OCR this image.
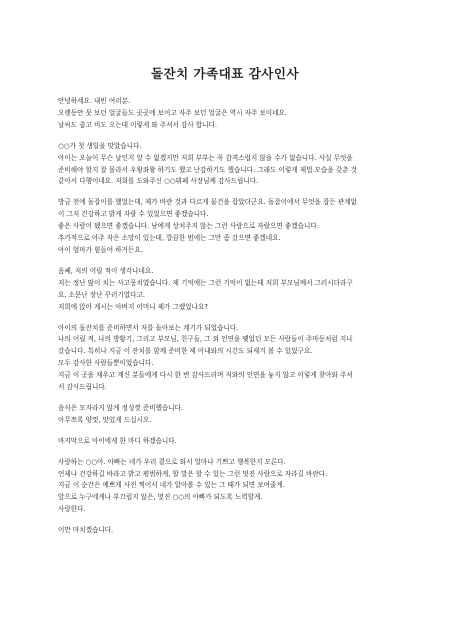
돌잔치 가족대표 감사인사
안녕하세요. 내빈 여러분.
오랫동안 못 보던 얼굴들도 곳곳에 보이고 자주 보던 얼굴은 역시 자주 보이네요.
날씨도 춥고 비도 오는데 이렇게 와 주셔서 감사 합니다.
○○가 첫 생일을 맞았습니다.
아이는 오늘이 무슨 날인지 알 수 없겠지만 저희 부부는 꼭 감격스럽지 않을 수가 없습니다. 사실 무엇을
준비해야 할지 잘 몰라서 우왕좌왕 하기도 했고 난감하기도 했습니다. 그래도 이렇게 제법 모습을 갖춘 것
같아서 다행이네요. 저희를 도와주신 ○○뷔페 사장님께 감사드립니다.
방금 전에 돌잡이를 했었는데, 제가 바란 것과 다르게 물건을 잡았더군요. 돌잡이에서 무엇을 잡든 관계없
이 그저 건강하고 밝게 자랄 수 있었으면 좋겠습니다.
좋은 사람이 됐으면 좋겠습니다. 남에게 상처주지 않는 그런 사람으로 자랐으면 좋겠습니다.
추가적으로 아주 작은 소망이 있는데, 깔끔한 범에는 그만 좀 갔으면 좋겠네요.
아이 엄마가 힘들어 하거든요.
음쎄, 저의 어릴 적이 생각나네요.
저는 정난 많이 치는 사고뭉치였습니다. 제 기억에는 그런 기억이 없는데 저희 부모님께서 그러시더라구
요. 소문난 장난 꾸러기였다고.
저희에 앉아 계시는 아버지 어머니 제가 그랬었나요?
아이의 돌잔치를 준비하면서 저를 돌아보는 계기가 되었습니다.
나의 어릴 적, 나의 방황기, 그리고 부모님, 친구들, 그 외 인연을 맺었던 모든 사람들이 주마등처럼 지나
갔습니다. 특히나 지금 이 잔치를 함께 준비한 제 아내와의 시간도 되새겨 볼 수 있었구요.
모두 감사한 사람들뿐이었습니다.
지금 이 곳을 채우고 계신 분들에게 다시 한 번 감사드리며 저와의 인연을 놓지 않고 이렇게 찾아와 주셔
서 감사드립니다.
음식은 모자라지 않게 정성껏 준비했습니다.
아무쪼록 양껏, 맛있게 드십시오.
마지막으로 아이에게 한 마디 하겠습니다.
사랑하는 ○○아. 아빠는 네가 우리 곁으로 와서 얼마나 기쁘고 행복한지 모른다.
언제나 건강하길 바라고 밝고 평범하게, 할 말은 할 수 있는 그런 멋진 사람으로 자라길 바란다.
지금 이 순간은 예쁘게 사진 찍어서 네가 알아볼 수 있는 그 때가 되면 보여줄게.
앞으로 누구에게나 부끄럽지 않은, 멋진 ○○의 아빠가 되도록 노력할게.
사랑한다.
이만 마치겠습니다.
